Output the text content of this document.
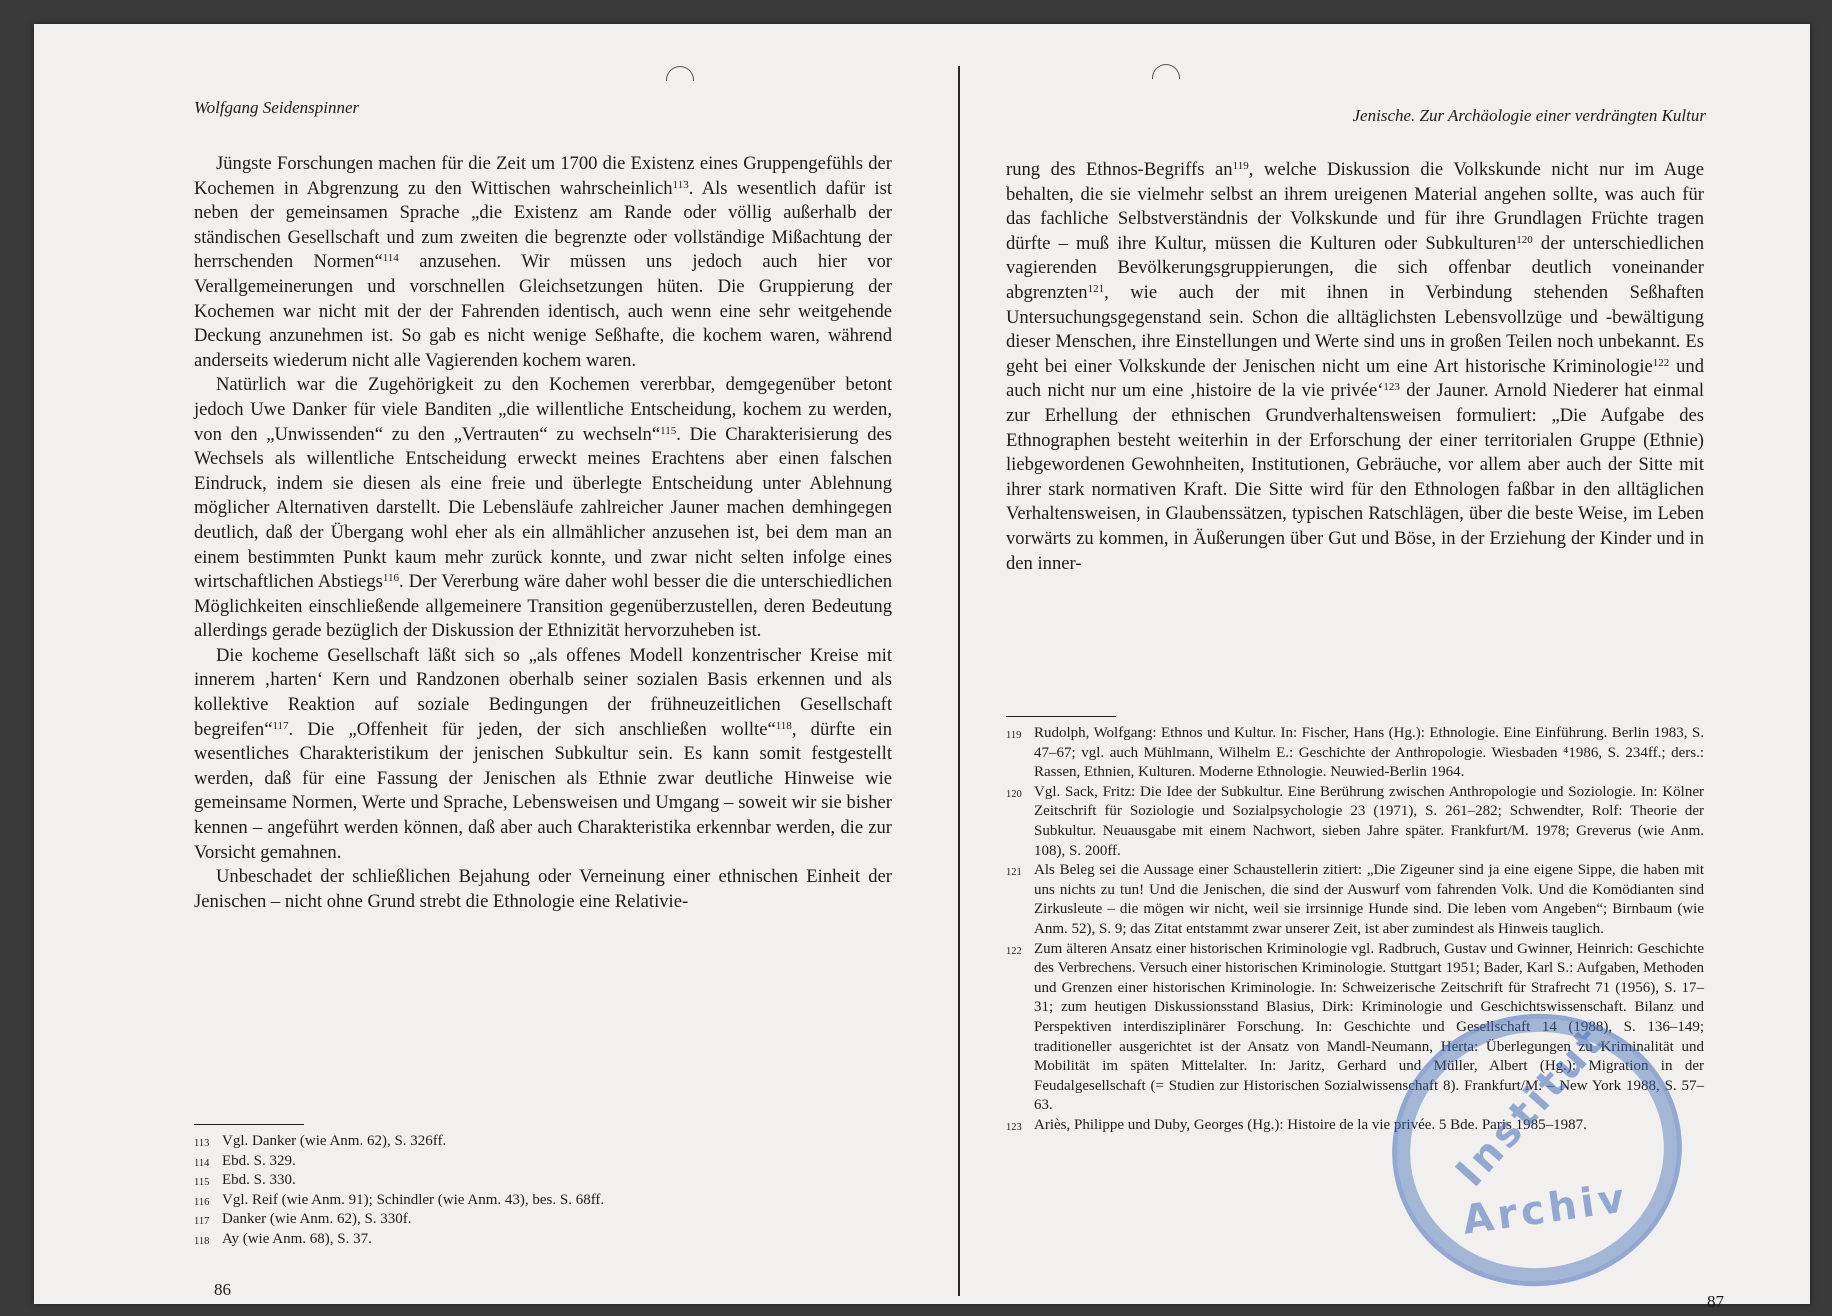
Wolfgang Seidenspinner

Jüngste Forschungen machen für die Zeit um 1700 die Existenz eines Gruppengefühls der Kochemen in Abgrenzung zu den Wittischen wahrscheinlich$^{113}$. Als wesentlich dafür ist neben der gemeinsamen Sprache „die Existenz am Rande oder völlig außerhalb der ständischen Gesellschaft und zum zweiten die begrenzte oder vollständige Mißachtung der herrschenden Normen“$^{114}$ anzusehen. Wir müssen uns jedoch auch hier vor Verallgemeinerungen und vorschnellen Gleichsetzungen hüten. Die Gruppierung der Kochemen war nicht mit der der Fahrenden identisch, auch wenn eine sehr weitgehende Deckung anzunehmen ist. So gab es nicht wenige Seßhafte, die kochem waren, während anderseits wiederum nicht alle Vagierenden kochem waren.

Natürlich war die Zugehörigkeit zu den Kochemen vererbbar, demgegenüber betont jedoch Uwe Danker für viele Banditen „die willentliche Entscheidung, kochem zu werden, von den „Unwissenden“ zu den „Vertrauten“ zu wechseln“$^{115}$. Die Charakterisierung des Wechsels als willentliche Entscheidung erweckt meines Erachtens aber einen falschen Eindruck, indem sie diesen als eine freie und überlegte Entscheidung unter Ablehnung möglicher Alternativen darstellt. Die Lebensläufe zahlreicher Jauner machen demhingegen deutlich, daß der Übergang wohl eher als ein allmählicher anzusehen ist, bei dem man an einem bestimmten Punkt kaum mehr zurück konnte, und zwar nicht selten infolge eines wirtschaftlichen Abstiegs$^{116}$. Der Vererbung wäre daher wohl besser die die unterschiedlichen Möglichkeiten einschließende allgemeinere Transition gegenüberzustellen, deren Bedeutung allerdings gerade bezüglich der Diskussion der Ethnizität hervorzuheben ist.

Die kocheme Gesellschaft läßt sich so „als offenes Modell konzentrischer Kreise mit innerem ‚harten‘ Kern und Randzonen oberhalb seiner sozialen Basis erkennen und als kollektive Reaktion auf soziale Bedingungen der frühneuzeitlichen Gesellschaft begreifen“$^{117}$. Die „Offenheit für jeden, der sich anschließen wollte“$^{118}$, dürfte ein wesentliches Charakteristikum der jenischen Subkultur sein. Es kann somit festgestellt werden, daß für eine Fassung der Jenischen als Ethnie zwar deutliche Hinweise wie gemeinsame Normen, Werte und Sprache, Lebensweisen und Umgang – soweit wir sie bisher kennen – angeführt werden können, daß aber auch Charakteristika erkennbar werden, die zur Vorsicht gemahnen.

Unbeschadet der schließlichen Bejahung oder Verneinung einer ethnischen Einheit der Jenischen – nicht ohne Grund strebt die Ethnologie eine Relativie-

113 Vgl. Danker (wie Anm. 62), S. 326ff.
114 Ebd. S. 329.
115 Ebd. S. 330.
116 Vgl. Reif (wie Anm. 91); Schindler (wie Anm. 43), bes. S. 68ff.
117 Danker (wie Anm. 62), S. 330f.
118 Ay (wie Anm. 68), S. 37.
86
Jenische. Zur Archäologie einer verdrängten Kultur

rung des Ethnos-Begriffs $an^{119}$, welche Diskussion die Volkskunde nicht nur im Auge behalten, die sie vielmehr selbst an ihrem ureigenen Material angehen sollte, was auch für das fachliche Selbstverständnis der Volkskunde und für ihre Grundlagen Früchte tragen dürfte – muß ihre Kultur, müssen die Kulturen oder Subkulturen$^{120}$ der unterschiedlichen vagierenden Bevölkerungsgruppierungen, die sich offenbar deutlich voneinander abgrenzten$^{121}$, wie auch der mit ihnen in Verbindung stehenden Seßhaften Untersuchungsgegenstand sein. Schon die alltäglichsten Lebensvollzüge und -bewältigung dieser Menschen, ihre Einstellungen und Werte sind uns in großen Teilen noch unbekannt. Es geht bei einer Volkskunde der Jenischen nicht um eine Art historische Kriminologie$^{122}$ und auch nicht nur um eine ‚histoire de la vie privée‘$^{123}$ der Jauner. Arnold Niederer hat einmal zur Erhellung der ethnischen Grundverhaltensweisen formuliert: „Die Aufgabe des Ethnographen besteht weiterhin in der Erforschung der einer territorialen Gruppe (Ethnie) liebgewordenen Gewohnheiten, Institutionen, Gebräuche, vor allem aber auch der Sitte mit ihrer stark normativen Kraft. Die Sitte wird für den Ethnologen faßbar in den alltäglichen Verhaltensweisen, in Glaubenssätzen, typischen Ratschlägen, über die beste Weise, im Leben vorwärts zu kommen, in Äußerungen über Gut und Böse, in der Erziehung der Kinder und in den inner-

119 Rudolph, Wolfgang: Ethnos und Kultur. In: Fischer, Hans (Hg.): Ethnologie. Eine Einführung. Berlin 1983, S. 47–67; vgl. auch Mühlmann, Wilhelm E.: Geschichte der Anthropologie. Wiesbaden ⁴1986, S. 234ff.; ders.: Rassen, Ethnien, Kulturen. Moderne Ethnologie. Neuwied-Berlin 1964.
120 Vgl. Sack, Fritz: Die Idee der Subkultur. Eine Berührung zwischen Anthropologie und Soziologie. In: Kölner Zeitschrift für Soziologie und Sozialpsychologie 23 (1971), S. 261–282; Schwendter, Rolf: Theorie der Subkultur. Neuausgabe mit einem Nachwort, sieben Jahre später. Frankfurt/M. 1978; Greverus (wie Anm. 108), S. 200ff.
121 Als Beleg sei die Aussage einer Schaustellerin zitiert: „Die Zigeuner sind ja eine eigene Sippe, die haben mit uns nichts zu tun! Und die Jenischen, die sind der Auswurf vom fahrenden Volk. Und die Komödianten sind Zirkusleute – die mögen wir nicht, weil sie irrsinnige Hunde sind. Die leben vom Angeben“; Birnbaum (wie Anm. 52), S. 9; das Zitat entstammt zwar unserer Zeit, ist aber zumindest als Hinweis tauglich.
122 Zum älteren Ansatz einer historischen Kriminologie vgl. Radbruch, Gustav und Gwinner, Heinrich: Geschichte des Verbrechens. Versuch einer historischen Kriminologie. Stuttgart 1951; Bader, Karl S.: Aufgaben, Methoden und Grenzen einer historischen Kriminologie. In: Schweizerische Zeitschrift für Strafrecht 71 (1956), S. 17–31; zum heutigen Diskussionsstand Blasius, Dirk: Kriminologie und Geschichtswissenschaft. Bilanz und Perspektiven interdisziplinärer Forschung. In: Geschichte und Gesellschaft 14 (1988), S. 136–149; traditioneller ausgerichtet ist der Ansatz von Mandl-Neumann, Herta: Überlegungen zu Kriminalität und Mobilität im späten Mittelalter. In: Jaritz, Gerhard und Müller, Albert (Hg.): Migration in der Feudalgesellschaft (= Studien zur Historischen Sozialwissenschaft 8). Frankfurt/M. – New York 1988, S. 57–63.
123 Ariès, Philippe und Duby, Georges (Hg.): Histoire de la vie privée. 5 Bde. Paris 1985–1987.
87
Institut
Archiv
